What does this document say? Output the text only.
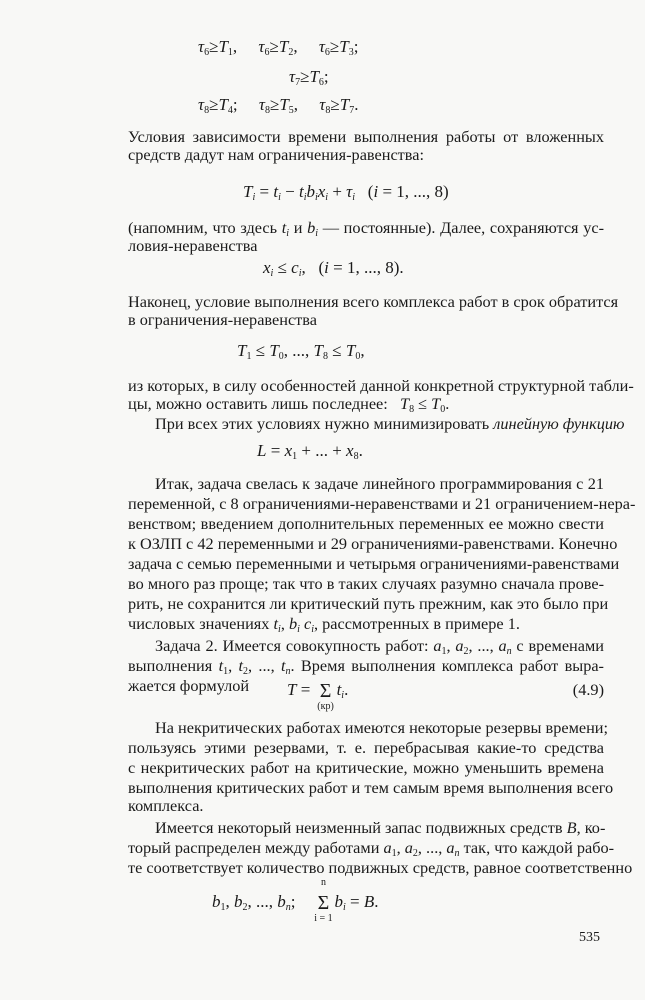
$\tau_6\ge T_1$,     $\tau_6\ge T_2$,     $\tau_6\ge T_3$;
$\tau_7\ge T_6$;
$\tau_8\ge T_4$;     $\tau_8\ge T_5$,     $\tau_8\ge T_7$.
Условия зависимости времени выполнения работы от вложенных
средств дадут нам ограничения-равенства:
$T_i = t_i - t_ib_ix_i + \tau_i$   (i = 1, ..., 8)
(напомним, что здесь $t_i$ и $b_i$ — постоянные). Далее, сохраняются ус-
ловия-неравенства
$x_i \le c_i$,   (i = 1, ..., 8).
Наконец, условие выполнения всего комплекса работ в срок обратится
в ограничения-неравенства
$T_1 \le T_0$, ..., $T_8 \le T_0$,
из которых, в силу особенностей данной конкретной структурной табли-
цы, можно оставить лишь последнее:   $T_8 \le T_0$.
При всех этих условиях нужно минимизировать линейную функцию
$L = x_1$ + ... + $x_8$.
Итак, задача свелась к задаче линейного программирования с 21
переменной, с 8 ограничениями-неравенствами и 21 ограничением-нера-
венством; введением дополнительных переменных ее можно свести
к ОЗЛП с 42 переменными и 29 ограничениями-равенствами. Конечно
задача с семью переменными и четырьмя ограничениями-равенствами
во много раз проще; так что в таких случаях разумно сначала прове-
рить, не сохранится ли критический путь прежним, как это было при
числовых значениях $t_i$, $b_i$ $c_i$, рассмотренных в примере 1.
Задача 2. Имеется совокупность работ: $a_1$, $a_2$, ..., $a_n$ с временами
выполнения $t_1$, $t_2$, ..., $t_n$. Время выполнения комплекса работ выра-
жается формулой	T = Σ
(кр)
$t_i$.	(4.9)
На некритических работах имеются некоторые резервы времени;
пользуясь этими резервами, т. е. перебрасывая какие-то средства
с некритических работ на критические, можно уменьшить времена
выполнения критических работ и тем самым время выполнения всего
комплекса.
Имеется некоторый неизменный запас подвижных средств B, ко-
торый распределен между работами $a_1$, $a_2$, ..., $a_n$ так, что каждой рабо-
те соответствует количество подвижных средств, равное соответственно
$b_1$, $b_2$, ..., $b_n$;
n
Σ
i = 1
$b_i = B$.
535
